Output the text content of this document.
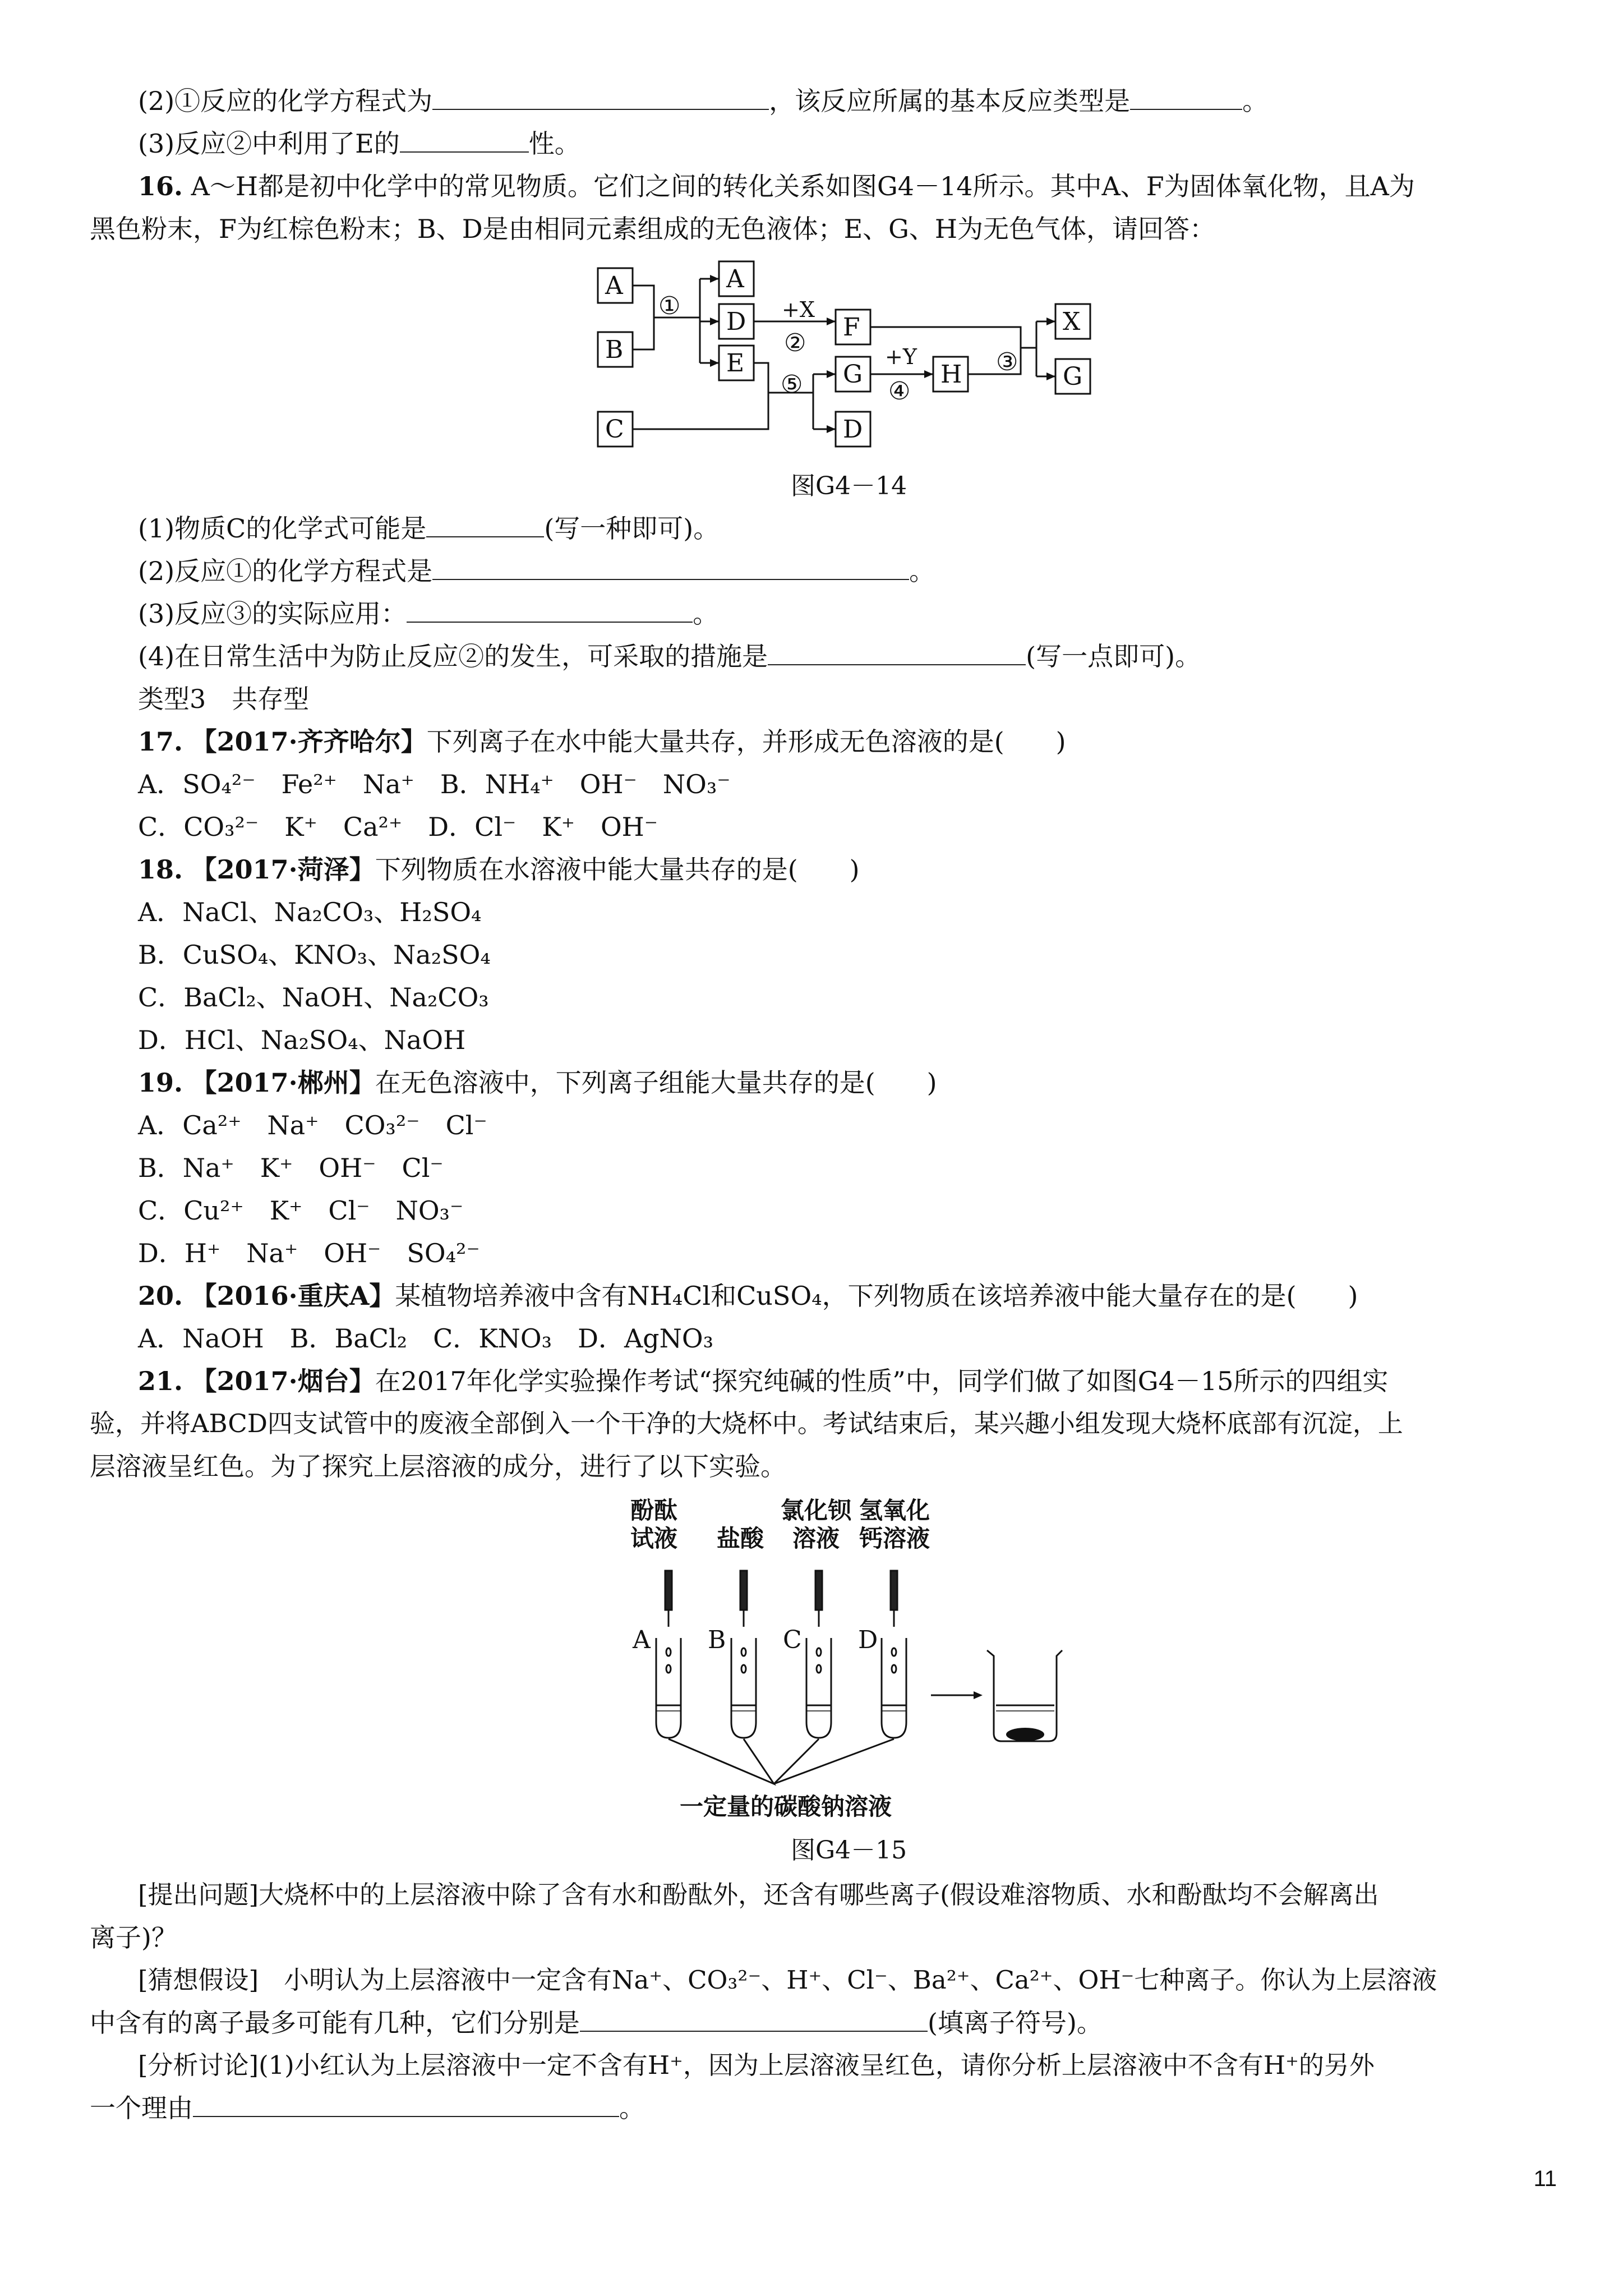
(2)①反应的化学方程式为	，该反应所属的基本反应类型是	。
(3)反应②中利用了E的	性。
16. A～H都是初中化学中的常见物质。它们之间的转化关系如图G4－14所示。其中A、F为固体氧化物，且A为
黑色粉末，F为红棕色粉末；B、D是由相同元素组成的无色液体；E、G、H为无色气体，请回答：
A
B
C
A
D
E
F
G
D
H
X
G
①	+X
②
⑤
+Y
④
③
图G4－14
(1)物质C的化学式可能是	(写一种即可)。
(2)反应①的化学方程式是	。
(3)反应③的实际应用：	。
(4)在日常生活中为防止反应②的发生，可采取的措施是	(写一点即可)。
类型3　共存型
17. 【2017·齐齐哈尔】下列离子在水中能大量共存，并形成无色溶液的是(　　)
A．SO₄²⁻　Fe²⁺　Na⁺　B．NH₄⁺　OH⁻　NO₃⁻
C．CO₃²⁻　K⁺　Ca²⁺　D．Cl⁻　K⁺　OH⁻
18. 【2017·菏泽】下列物质在水溶液中能大量共存的是(　　)
A．NaCl、Na₂CO₃、H₂SO₄
B．CuSO₄、KNO₃、Na₂SO₄
C．BaCl₂、NaOH、Na₂CO₃
D．HCl、Na₂SO₄、NaOH
19. 【2017·郴州】在无色溶液中，下列离子组能大量共存的是(　　)
A．Ca²⁺　Na⁺　CO₃²⁻　Cl⁻
B．Na⁺　K⁺　OH⁻　Cl⁻
C．Cu²⁺　K⁺　Cl⁻　NO₃⁻
D．H⁺　Na⁺　OH⁻　SO₄²⁻
20. 【2016·重庆A】某植物培养液中含有NH₄Cl和CuSO₄，下列物质在该培养液中能大量存在的是(　　)
A．NaOH　B．BaCl₂　C．KNO₃　D．AgNO₃
21. 【2017·烟台】在2017年化学实验操作考试“探究纯碱的性质”中，同学们做了如图G4－15所示的四组实
验，并将ABCD四支试管中的废液全部倒入一个干净的大烧杯中。考试结束后，某兴趣小组发现大烧杯底部有沉淀，上
层溶液呈红色。为了探究上层溶液的成分，进行了以下实验。
酚酞
试液 盐酸
氯化钡
溶液
氢氧化
钙溶液
A B C D
一定量的碳酸钠溶液
图G4－15
[提出问题]大烧杯中的上层溶液中除了含有水和酚酞外，还含有哪些离子(假设难溶物质、水和酚酞均不会解离出
离子)？
[猜想假设]　小明认为上层溶液中一定含有Na⁺、CO₃²⁻、H⁺、Cl⁻、Ba²⁺、Ca²⁺、OH⁻七种离子。你认为上层溶液
中含有的离子最多可能有几种，它们分别是	(填离子符号)。
[分析讨论](1)小红认为上层溶液中一定不含有H⁺，因为上层溶液呈红色，请你分析上层溶液中不含有H⁺的另外
一个理由	。
11
